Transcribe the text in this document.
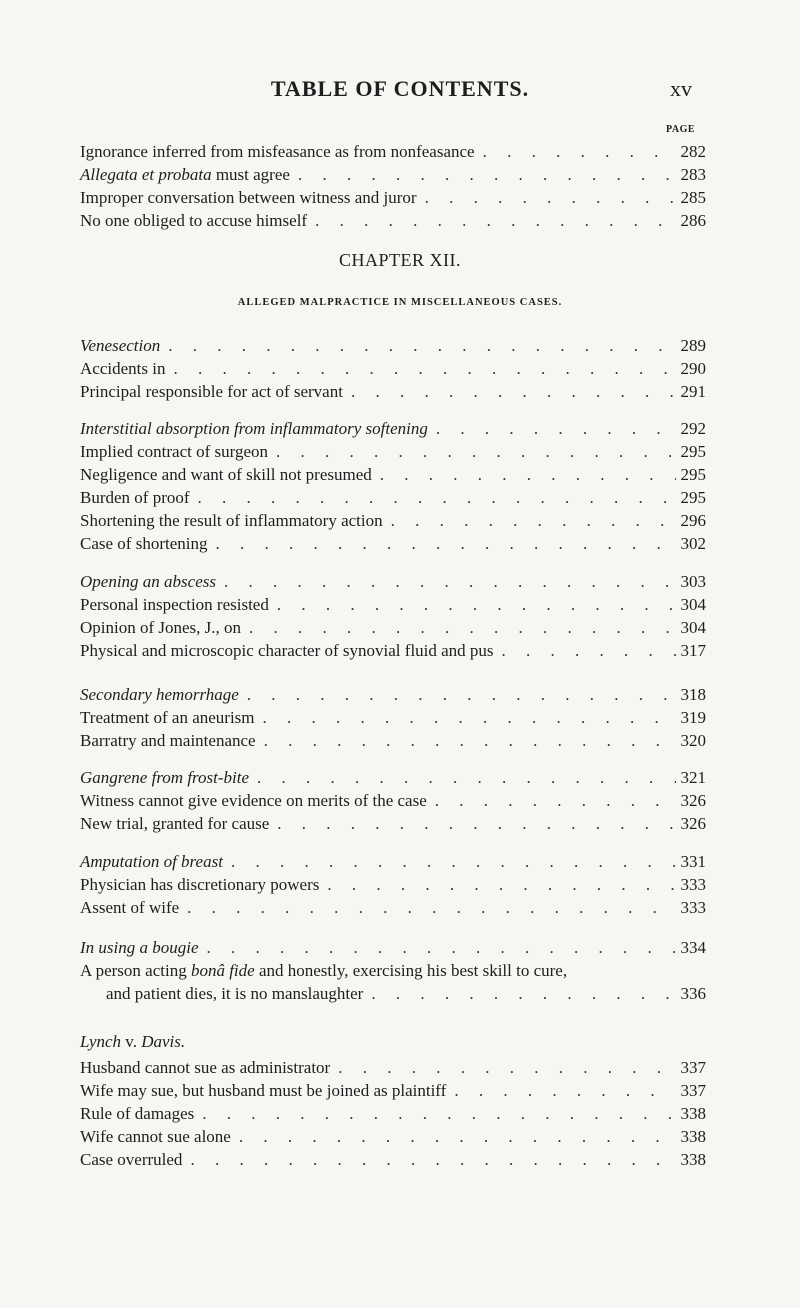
TABLE OF CONTENTS.	xv
PAGE
Ignorance inferred from misfeasance as from nonfeasance . . .	282
Allegata et probata must agree . . .	283
Improper conversation between witness and juror . . .	285
No one obliged to accuse himself . . .	286
CHAPTER XII.
ALLEGED MALPRACTICE IN MISCELLANEOUS CASES.
Venesection . . .	289
Accidents in . . .	290
Principal responsible for act of servant . . .	291
Interstitial absorption from inflammatory softening . . .	292
Implied contract of surgeon . . .	295
Negligence and want of skill not presumed . . .	295
Burden of proof . . .	295
Shortening the result of inflammatory action . . .	296
Case of shortening . . .	302
Opening an abscess . . .	303
Personal inspection resisted . . .	304
Opinion of Jones, J., on . . .	304
Physical and microscopic character of synovial fluid and pus . . .	317
Secondary hemorrhage . . .	318
Treatment of an aneurism . . .	319
Barratry and maintenance . . .	320
Gangrene from frost-bite . . .	321
Witness cannot give evidence on merits of the case . . .	326
New trial, granted for cause . . .	326
Amputation of breast . . .	331
Physician has discretionary powers . . .	333
Assent of wife . . .	333
In using a bougie . . .	334
A person acting bonâ fide and honestly, exercising his best skill to cure,
and patient dies, it is no manslaughter . . .	336
Lynch v. Davis.
Husband cannot sue as administrator . . .	337
Wife may sue, but husband must be joined as plaintiff . . .	337
Rule of damages . . .	338
Wife cannot sue alone . . .	338
Case overruled . . .	338
